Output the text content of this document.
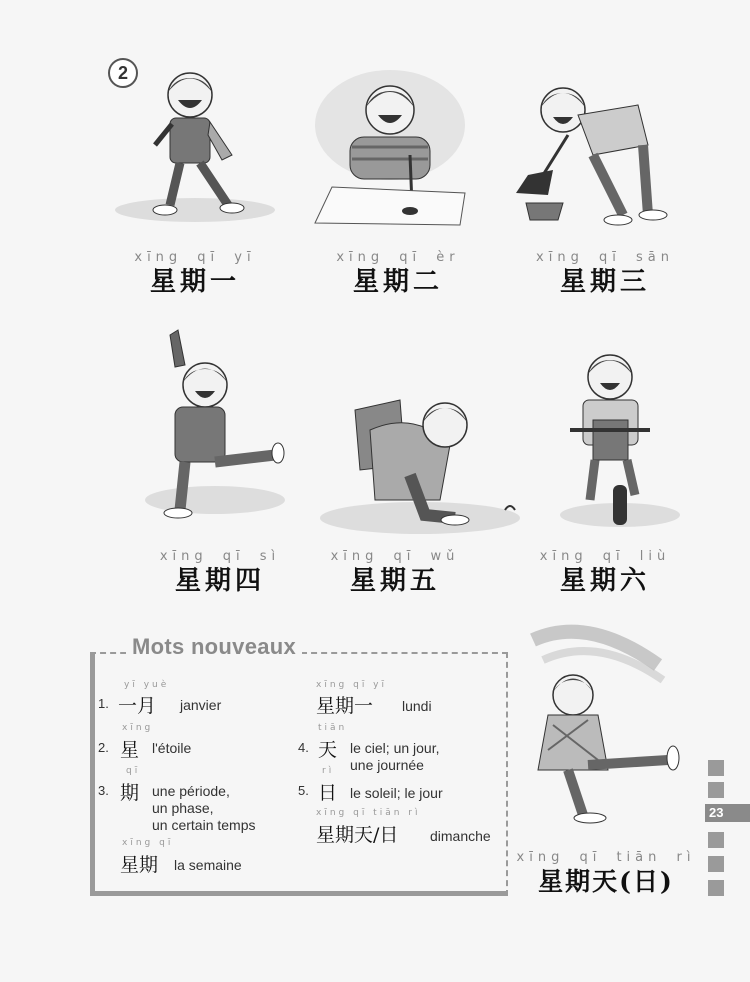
2
xīng qī yī
星期一
xīng qī èr
星期二
xīng qī sān
星期三
xīng qī sì
星期四
xīng qī wǔ
星期五
xīng qī liù
星期六
xīng qī tiān rì
星期天(日)
Mots nouveaux
yī yuè
1. 一月 janvier
xīng
2. 星 l'étoile
qī
3. 期 une période,
un phase,
un certain temps
xīng qī
星期 la semaine
xīng qī yī
星期一 lundi
tiān
4. 天 le ciel; un jour,
une journée
rì
5. 日 le soleil; le jour
xīng qī tiān rì
星期天/日 dimanche
23
